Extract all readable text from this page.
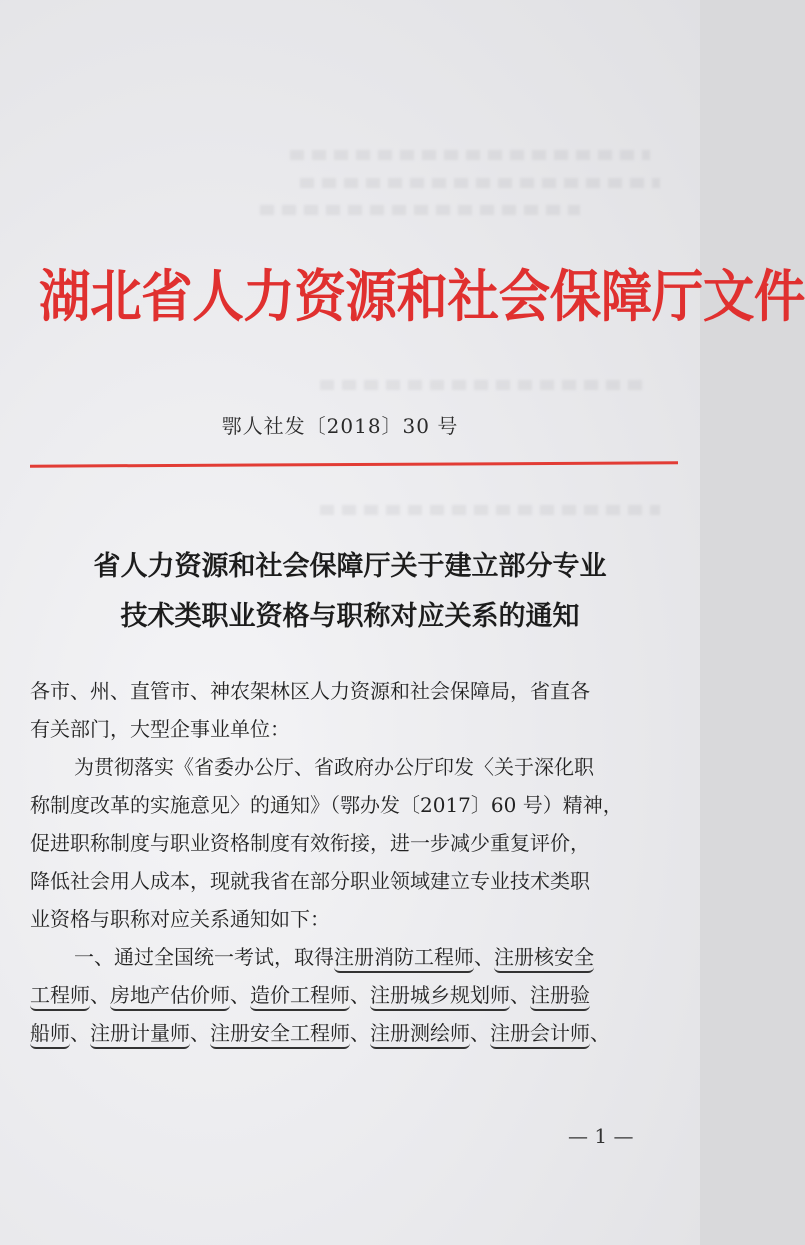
湖北省人力资源和社会保障厅文件
鄂人社发〔2018〕30 号
省人力资源和社会保障厅关于建立部分专业
技术类职业资格与职称对应关系的通知
各市、州、直管市、神农架林区人力资源和社会保障局，省直各
有关部门，大型企事业单位：
为贯彻落实《省委办公厅、省政府办公厅印发〈关于深化职
称制度改革的实施意见〉的通知》（鄂办发〔2017〕60 号）精神，
促进职称制度与职业资格制度有效衔接，进一步减少重复评价，
降低社会用人成本，现就我省在部分职业领域建立专业技术类职
业资格与职称对应关系通知如下：
一、通过全国统一考试，取得注册消防工程师、注册核安全
工程师、房地产估价师、造价工程师、注册城乡规划师、注册验
船师、注册计量师、注册安全工程师、注册测绘师、注册会计师、
— 1 —
